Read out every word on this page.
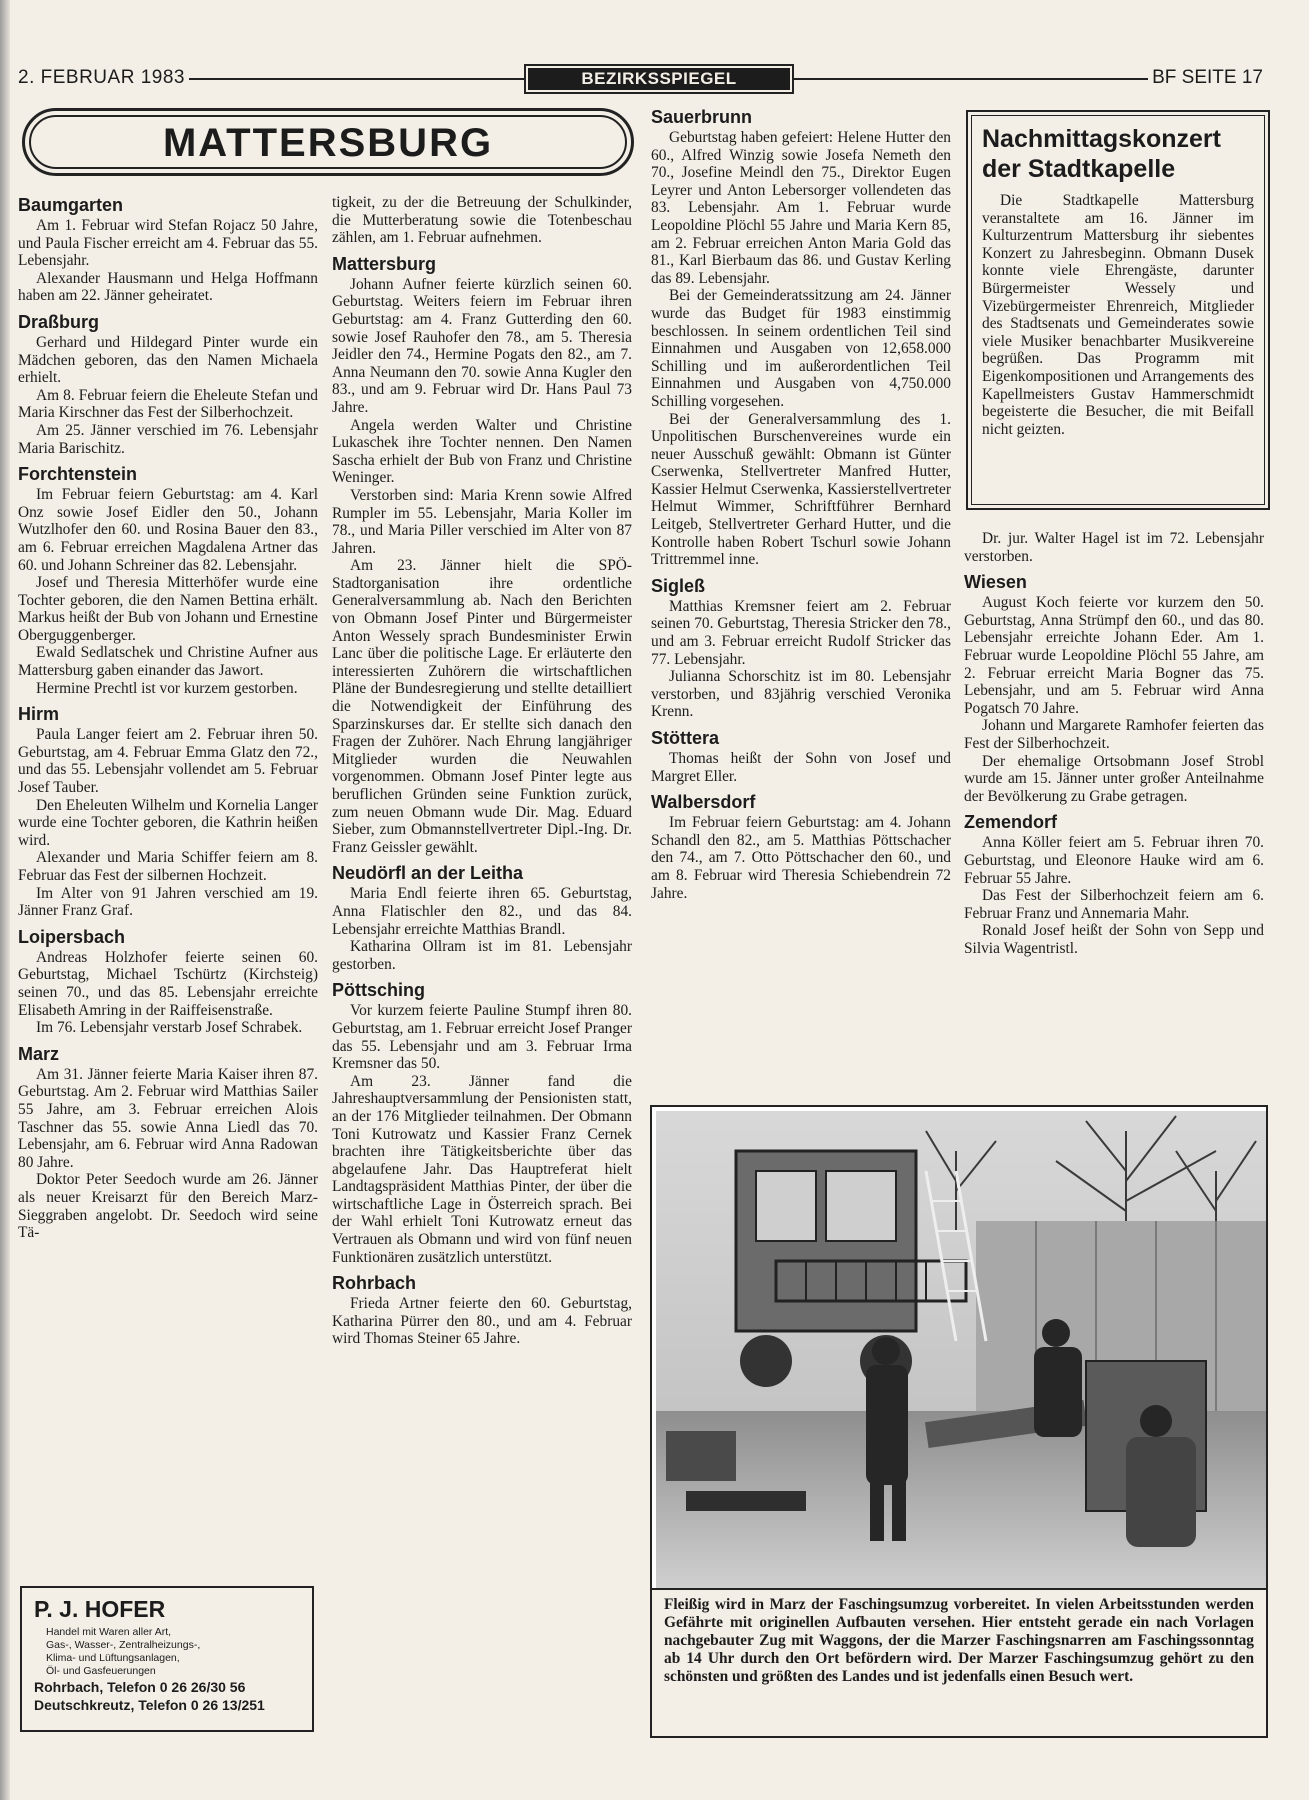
2. FEBRUAR 1983	BEZIRKSSPIEGEL	BF SEITE 17
MATTERSBURG
Baumgarten

Am 1. Februar wird Stefan Rojacz 50 Jahre, und Paula Fischer erreicht am 4. Februar das 55. Lebensjahr.

Alexander Hausmann und Helga Hoffmann haben am 22. Jänner geheiratet.

Draßburg

Gerhard und Hildegard Pinter wurde ein Mädchen geboren, das den Namen Michaela erhielt.

Am 8. Februar feiern die Eheleute Stefan und Maria Kirschner das Fest der Silberhochzeit.

Am 25. Jänner verschied im 76. Lebensjahr Maria Barischitz.

Forchtenstein

Im Februar feiern Geburtstag: am 4. Karl Onz sowie Josef Eidler den 50., Johann Wutzlhofer den 60. und Rosina Bauer den 83., am 6. Februar erreichen Magdalena Artner das 60. und Johann Schreiner das 82. Lebensjahr.

Josef und Theresia Mitterhöfer wurde eine Tochter geboren, die den Namen Bettina erhält. Markus heißt der Bub von Johann und Ernestine Oberguggenberger.

Ewald Sedlatschek und Christine Aufner aus Mattersburg gaben einander das Jawort.

Hermine Prechtl ist vor kurzem gestorben.

Hirm

Paula Langer feiert am 2. Februar ihren 50. Geburtstag, am 4. Februar Emma Glatz den 72., und das 55. Lebensjahr vollendet am 5. Februar Josef Tauber.

Den Eheleuten Wilhelm und Kornelia Langer wurde eine Tochter geboren, die Kathrin heißen wird.

Alexander und Maria Schiffer feiern am 8. Februar das Fest der silbernen Hochzeit.

Im Alter von 91 Jahren verschied am 19. Jänner Franz Graf.

Loipersbach

Andreas Holzhofer feierte seinen 60. Geburtstag, Michael Tschürtz (Kirchsteig) seinen 70., und das 85. Lebensjahr erreichte Elisabeth Amring in der Raiffeisenstraße.

Im 76. Lebensjahr verstarb Josef Schrabek.

Marz

Am 31. Jänner feierte Maria Kaiser ihren 87. Geburtstag. Am 2. Februar wird Matthias Sailer 55 Jahre, am 3. Februar erreichen Alois Taschner das 55. sowie Anna Liedl das 70. Lebensjahr, am 6. Februar wird Anna Radowan 80 Jahre.

Doktor Peter Seedoch wurde am 26. Jänner als neuer Kreisarzt für den Bereich Marz-Sieggraben angelobt. Dr. Seedoch wird seine Tä-

tigkeit, zu der die Betreuung der Schulkinder, die Mutterberatung sowie die Totenbeschau zählen, am 1. Februar aufnehmen.

Mattersburg

Johann Aufner feierte kürzlich seinen 60. Geburtstag. Weiters feiern im Februar ihren Geburtstag: am 4. Franz Gutterding den 60. sowie Josef Rauhofer den 78., am 5. Theresia Jeidler den 74., Hermine Pogats den 82., am 7. Anna Neumann den 70. sowie Anna Kugler den 83., und am 9. Februar wird Dr. Hans Paul 73 Jahre.

Angela werden Walter und Christine Lukaschek ihre Tochter nennen. Den Namen Sascha erhielt der Bub von Franz und Christine Weninger.

Verstorben sind: Maria Krenn sowie Alfred Rumpler im 55. Lebensjahr, Maria Koller im 78., und Maria Piller verschied im Alter von 87 Jahren.

Am 23. Jänner hielt die SPÖ-Stadtorganisation ihre ordentliche Generalversammlung ab. Nach den Berichten von Obmann Josef Pinter und Bürgermeister Anton Wessely sprach Bundesminister Erwin Lanc über die politische Lage. Er erläuterte den interessierten Zuhörern die wirtschaftlichen Pläne der Bundesregierung und stellte detailliert die Notwendigkeit der Einführung des Sparzinskurses dar. Er stellte sich danach den Fragen der Zuhörer. Nach Ehrung langjähriger Mitglieder wurden die Neuwahlen vorgenommen. Obmann Josef Pinter legte aus beruflichen Gründen seine Funktion zurück, zum neuen Obmann wude Dir. Mag. Eduard Sieber, zum Obmannstellvertreter Dipl.-Ing. Dr. Franz Geissler gewählt.

Neudörfl an der Leitha

Maria Endl feierte ihren 65. Geburtstag, Anna Flatischler den 82., und das 84. Lebensjahr erreichte Matthias Brandl.

Katharina Ollram ist im 81. Lebensjahr gestorben.

Pöttsching

Vor kurzem feierte Pauline Stumpf ihren 80. Geburtstag, am 1. Februar erreicht Josef Pranger das 55. Lebensjahr und am 3. Februar Irma Kremsner das 50.

Am 23. Jänner fand die Jahreshauptversammlung der Pensionisten statt, an der 176 Mitglieder teilnahmen. Der Obmann Toni Kutrowatz und Kassier Franz Cernek brachten ihre Tätigkeitsberichte über das abgelaufene Jahr. Das Hauptreferat hielt Landtagspräsident Matthias Pinter, der über die wirtschaftliche Lage in Österreich sprach. Bei der Wahl erhielt Toni Kutrowatz erneut das Vertrauen als Obmann und wird von fünf neuen Funktionären zusätzlich unterstützt.

Rohrbach

Frieda Artner feierte den 60. Geburtstag, Katharina Pürrer den 80., und am 4. Februar wird Thomas Steiner 65 Jahre.

Sauerbrunn

Geburtstag haben gefeiert: Helene Hutter den 60., Alfred Winzig sowie Josefa Nemeth den 70., Josefine Meindl den 75., Direktor Eugen Leyrer und Anton Lebersorger vollendeten das 83. Lebensjahr. Am 1. Februar wurde Leopoldine Plöchl 55 Jahre und Maria Kern 85, am 2. Februar erreichen Anton Maria Gold das 81., Karl Bierbaum das 86. und Gustav Kerling das 89. Lebensjahr.

Bei der Gemeinderatssitzung am 24. Jänner wurde das Budget für 1983 einstimmig beschlossen. In seinem ordentlichen Teil sind Einnahmen und Ausgaben von 12,658.000 Schilling und im außerordentlichen Teil Einnahmen und Ausgaben von 4,750.000 Schilling vorgesehen.

Bei der Generalversammlung des 1. Unpolitischen Burschenvereines wurde ein neuer Ausschuß gewählt: Obmann ist Günter Cserwenka, Stellvertreter Manfred Hutter, Kassier Helmut Cserwenka, Kassierstellvertreter Helmut Wimmer, Schriftführer Bernhard Leitgeb, Stellvertreter Gerhard Hutter, und die Kontrolle haben Robert Tschurl sowie Johann Trittremmel inne.

Sigleß

Matthias Kremsner feiert am 2. Februar seinen 70. Geburtstag, Theresia Stricker den 78., und am 3. Februar erreicht Rudolf Stricker das 77. Lebensjahr.

Julianna Schorschitz ist im 80. Lebensjahr verstorben, und 83jährig verschied Veronika Krenn.

Stöttera

Thomas heißt der Sohn von Josef und Margret Eller.

Walbersdorf

Im Februar feiern Geburtstag: am 4. Johann Schandl den 82., am 5. Matthias Pöttschacher den 74., am 7. Otto Pöttschacher den 60., und am 8. Februar wird Theresia Schiebendrein 72 Jahre.

Nachmittagskonzert der Stadtkapelle

Die Stadtkapelle Mattersburg veranstaltete am 16. Jänner im Kulturzentrum Mattersburg ihr siebentes Konzert zu Jahresbeginn. Obmann Dusek konnte viele Ehrengäste, darunter Bürgermeister Wessely und Vizebürgermeister Ehrenreich, Mitglieder des Stadtsenats und Gemeinderates sowie viele Musiker benachbarter Musikvereine begrüßen. Das Programm mit Eigenkompositionen und Arrangements des Kapellmeisters Gustav Hammerschmidt begeisterte die Besucher, die mit Beifall nicht geizten.

Dr. jur. Walter Hagel ist im 72. Lebensjahr verstorben.

Wiesen

August Koch feierte vor kurzem den 50. Geburtstag, Anna Strümpf den 60., und das 80. Lebensjahr erreichte Johann Eder. Am 1. Februar wurde Leopoldine Plöchl 55 Jahre, am 2. Februar erreicht Maria Bogner das 75. Lebensjahr, und am 5. Februar wird Anna Pogatsch 70 Jahre.

Johann und Margarete Ramhofer feierten das Fest der Silberhochzeit.

Der ehemalige Ortsobmann Josef Strobl wurde am 15. Jänner unter großer Anteilnahme der Bevölkerung zu Grabe getragen.

Zemendorf

Anna Köller feiert am 5. Februar ihren 70. Geburtstag, und Eleonore Hauke wird am 6. Februar 55 Jahre.

Das Fest der Silberhochzeit feiern am 6. Februar Franz und Annemaria Mahr.

Ronald Josef heißt der Sohn von Sepp und Silvia Wagentristl.

Fleißig wird in Marz der Faschingsumzug vorbereitet. In vielen Arbeitsstunden werden Gefährte mit originellen Aufbauten versehen. Hier entsteht gerade ein nach Vorlagen nachgebauter Zug mit Waggons, der die Marzer Faschingsnarren am Faschingssonntag ab 14 Uhr durch den Ort befördern wird. Der Marzer Faschingsumzug gehört zu den schönsten und größten des Landes und ist jedenfalls einen Besuch wert.

P. J. HOFER
Handel mit Waren aller Art,
Gas-, Wasser-, Zentralheizungs-,
Klima- und Lüftungsanlagen,
Öl- und Gasfeuerungen
Rohrbach, Telefon 0 26 26/30 56
Deutschkreutz, Telefon 0 26 13/251
